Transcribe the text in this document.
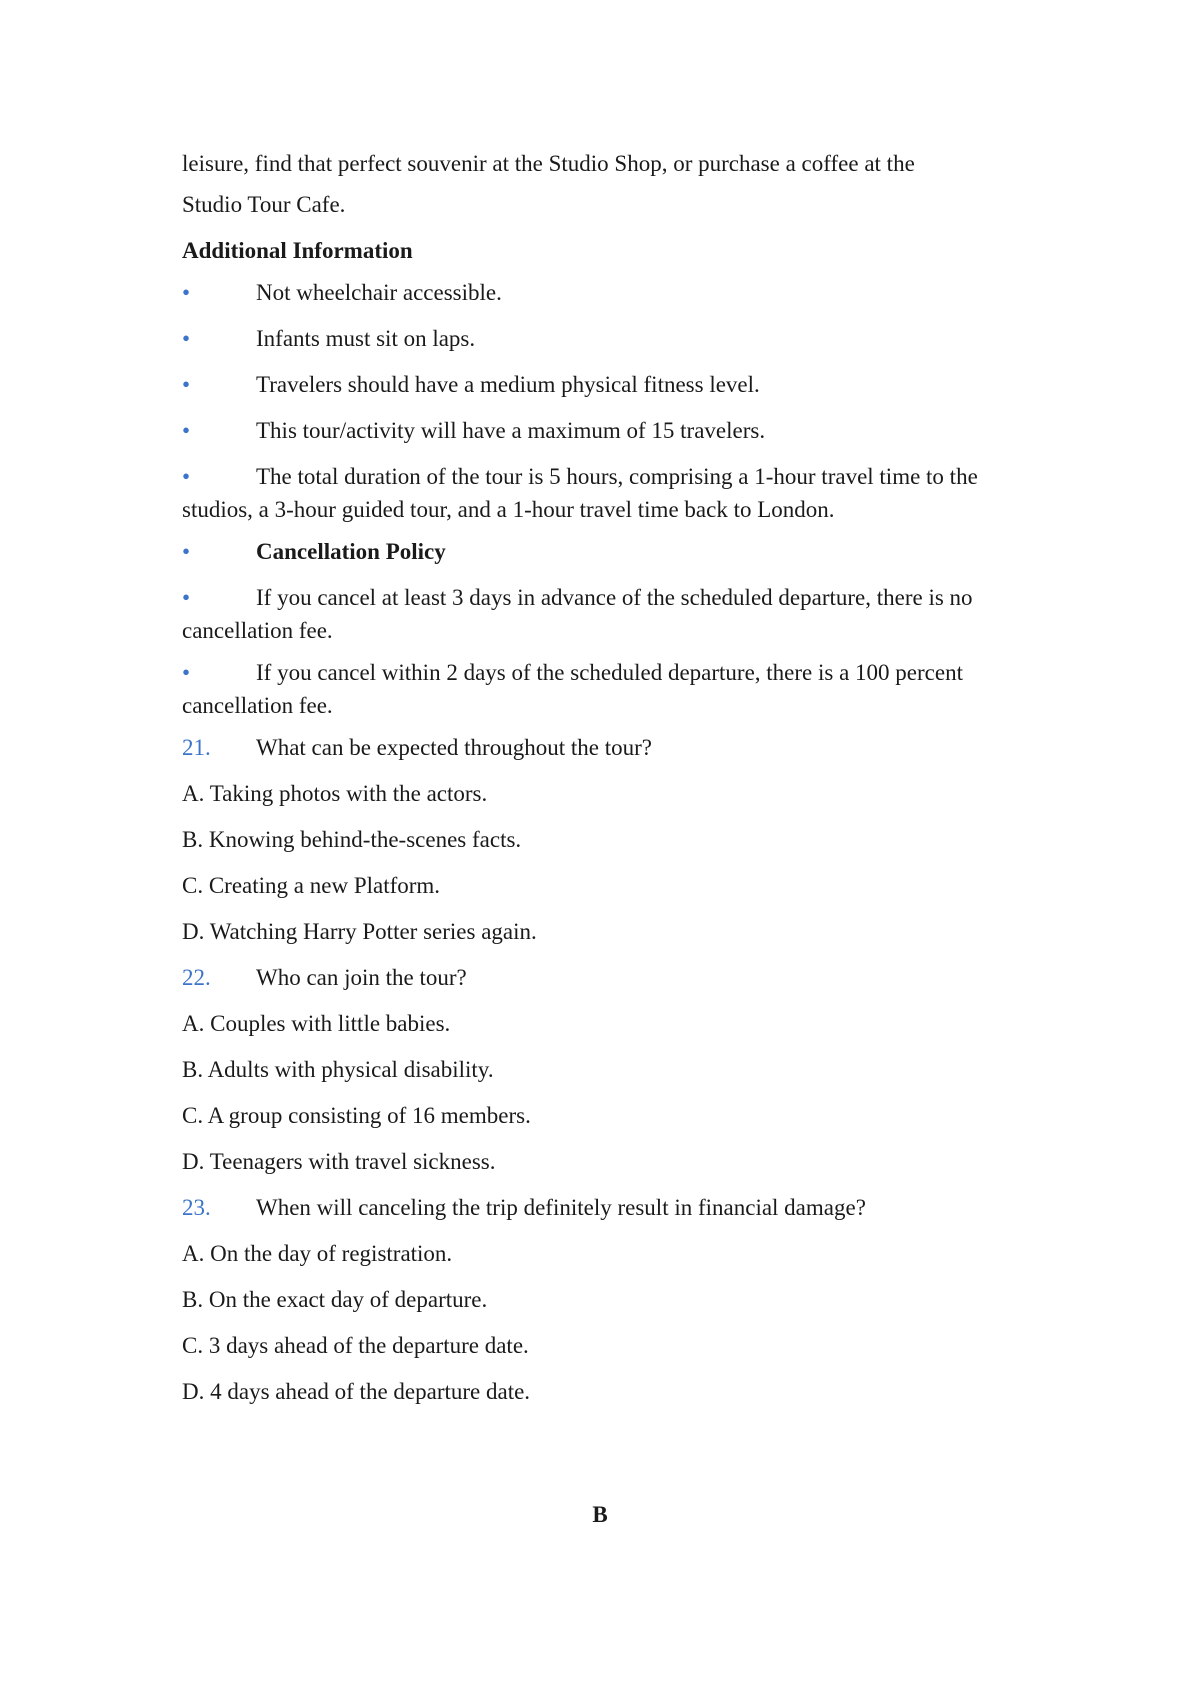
leisure, find that perfect souvenir at the Studio Shop, or purchase a coffee at the

Studio Tour Cafe.

Additional Information

•	Not wheelchair accessible.

•	Infants must sit on laps.

•	Travelers should have a medium physical fitness level.

•	This tour/activity will have a maximum of 15 travelers.

•	The total duration of the tour is 5 hours, comprising a 1-hour travel time to the studios, a 3-hour guided tour, and a 1-hour travel time back to London.

•	Cancellation Policy

•	If you cancel at least 3 days in advance of the scheduled departure, there is no cancellation fee.

•	If you cancel within 2 days of the scheduled departure, there is a 100 percent cancellation fee.

21. What can be expected throughout the tour?

A. Taking photos with the actors.

B. Knowing behind-the-scenes facts.

C. Creating a new Platform.

D. Watching Harry Potter series again.

22. Who can join the tour?

A. Couples with little babies.

B. Adults with physical disability.

C. A group consisting of 16 members.

D. Teenagers with travel sickness.

23. When will canceling the trip definitely result in financial damage?

A. On the day of registration.

B. On the exact day of departure.

C. 3 days ahead of the departure date.

D. 4 days ahead of the departure date.

B
